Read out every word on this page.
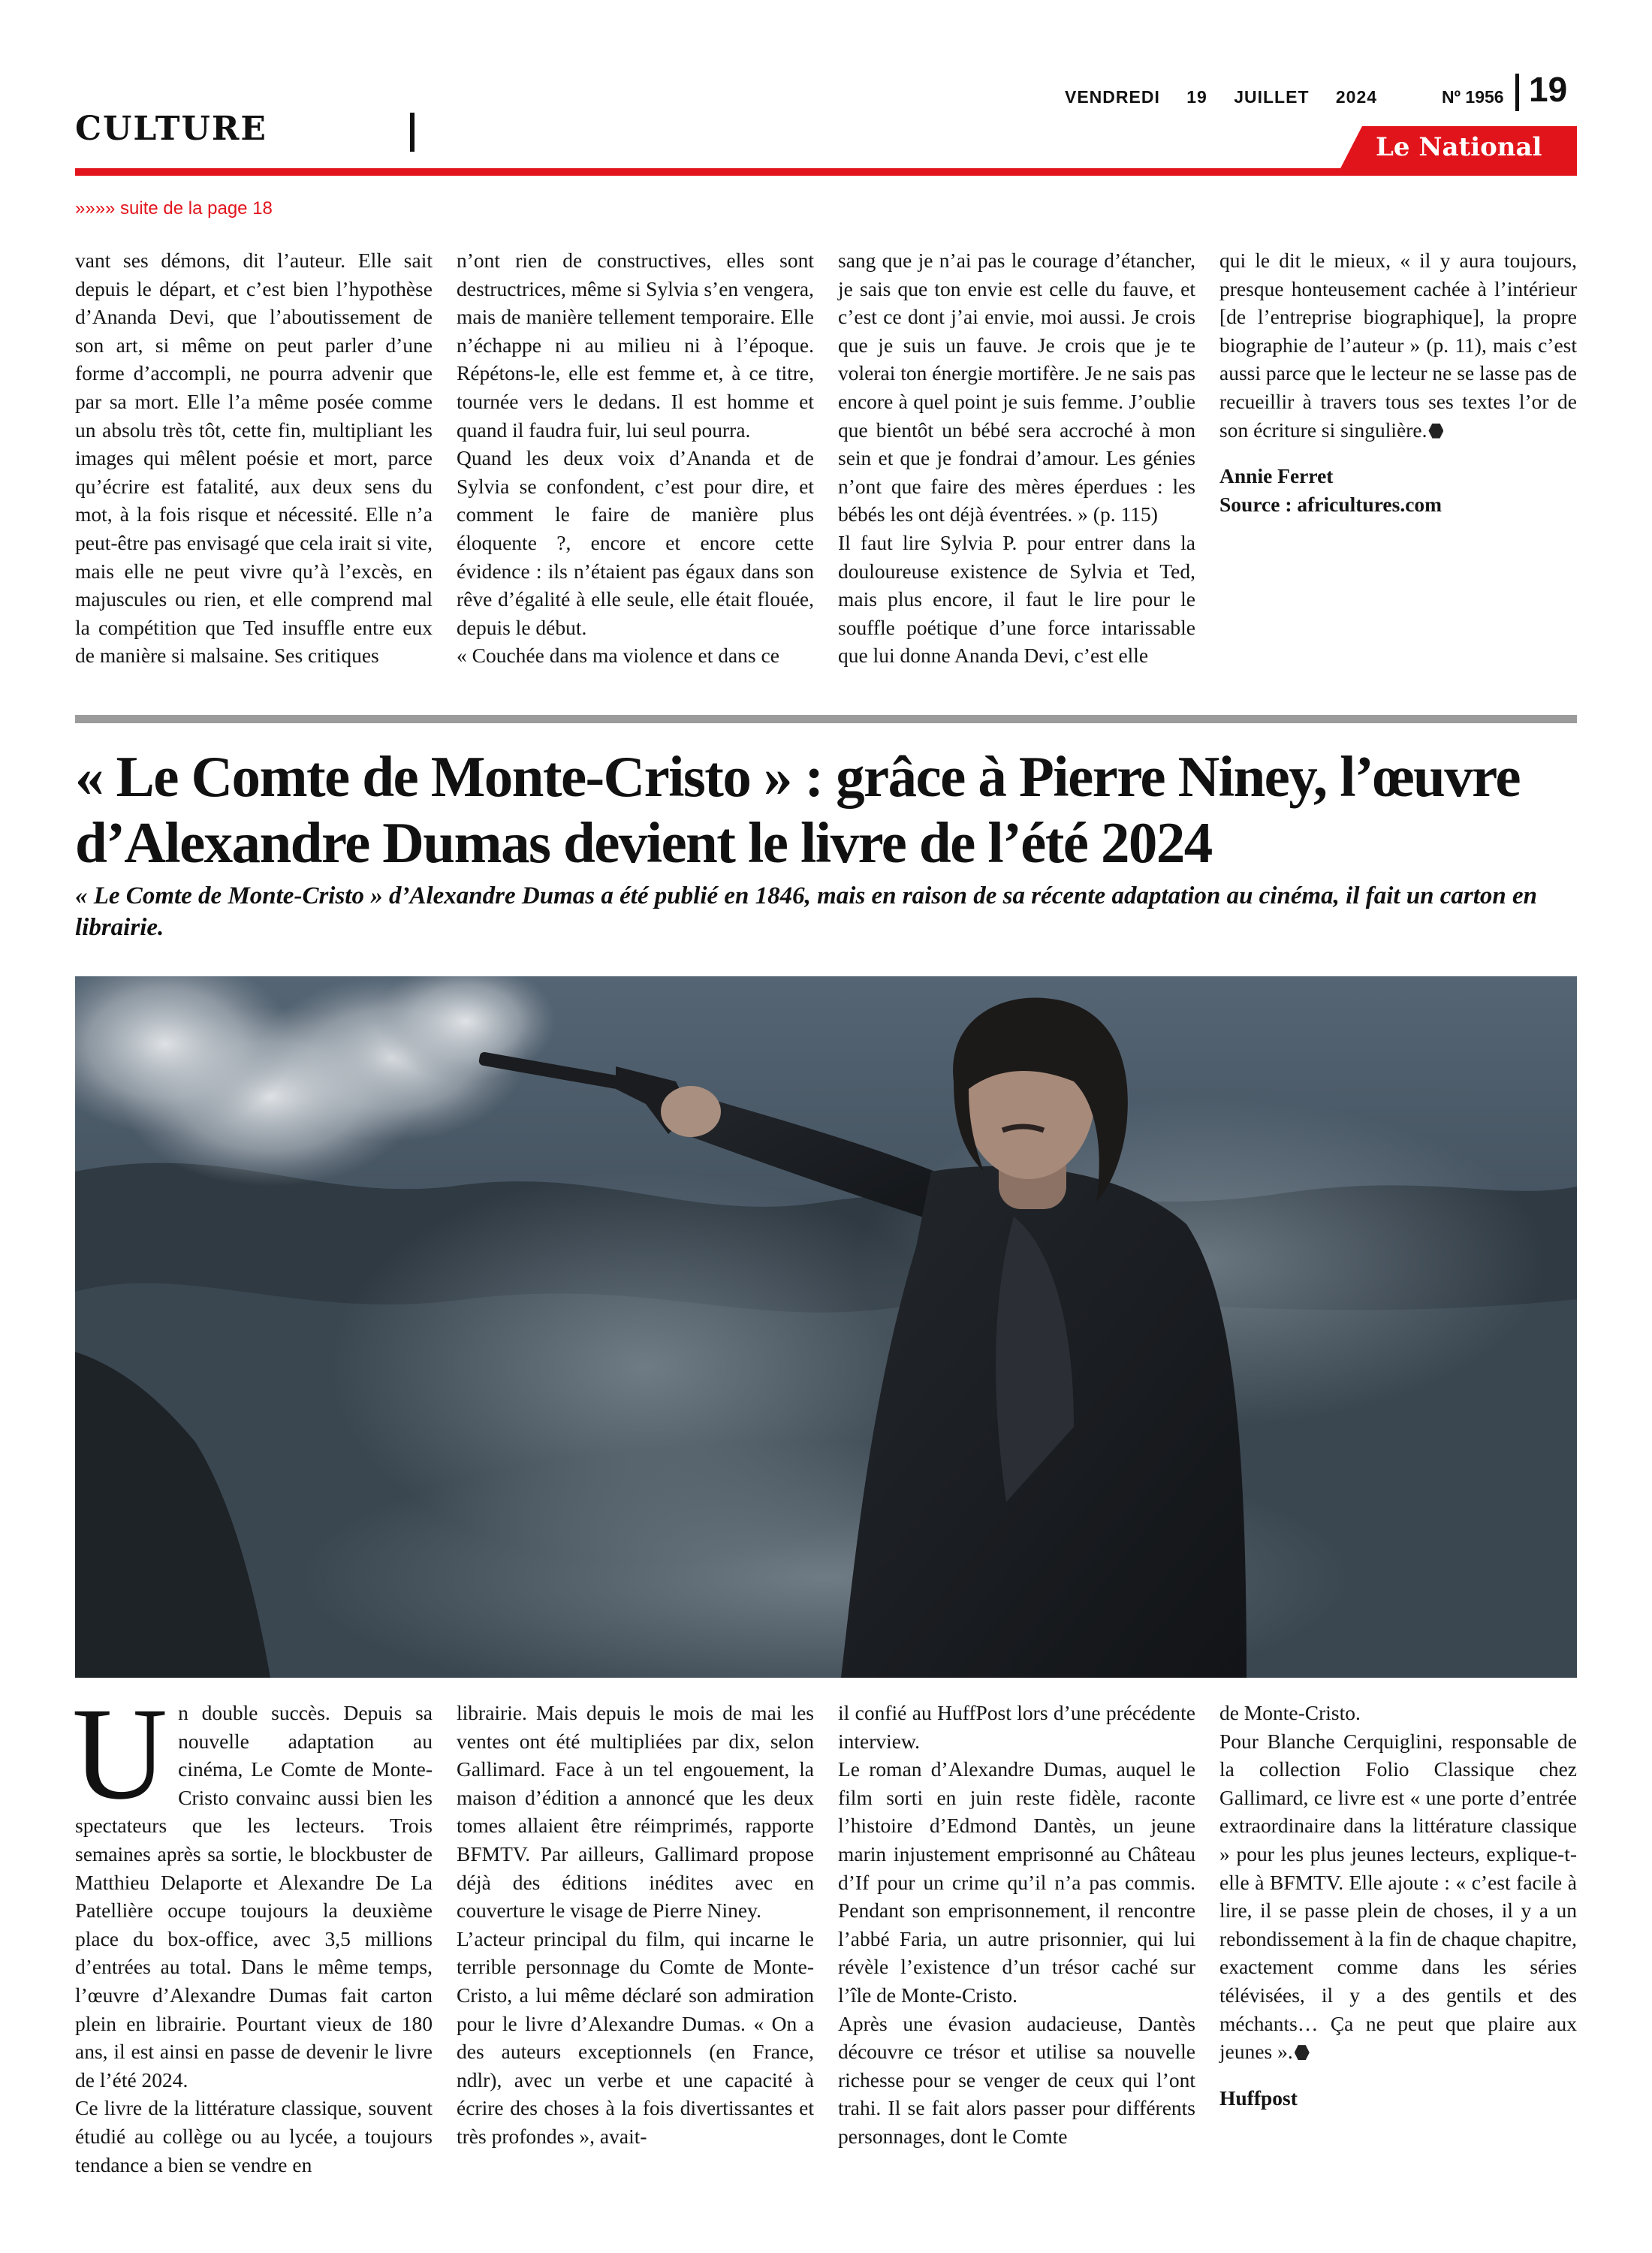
CULTURE
VENDREDI 19 JUILLET 2024	Nº 1956 19
Le National
»»»» suite de la page 18

vant ses démons, dit l’auteur. Elle sait depuis le départ, et c’est bien l’hypothèse d’Ananda Devi, que l’aboutissement de son art, si même on peut parler d’une forme d’accompli, ne pourra advenir que par sa mort. Elle l’a même posée comme un absolu très tôt, cette fin, multipliant les images qui mêlent poésie et mort, parce qu’écrire est fatalité, aux deux sens du mot, à la fois risque et nécessité. Elle n’a peut-être pas envisagé que cela irait si vite, mais elle ne peut vivre qu’à l’excès, en majuscules ou rien, et elle comprend mal la compétition que Ted insuffle entre eux de manière si malsaine. Ses critiques

n’ont rien de constructives, elles sont destructrices, même si Sylvia s’en vengera, mais de manière tellement temporaire. Elle n’échappe ni au milieu ni à l’époque. Répétons-le, elle est femme et, à ce titre, tournée vers le dedans. Il est homme et quand il faudra fuir, lui seul pourra.

Quand les deux voix d’Ananda et de Sylvia se confondent, c’est pour dire, et comment le faire de manière plus éloquente ?, encore et encore cette évidence : ils n’étaient pas égaux dans son rêve d’égalité à elle seule, elle était flouée, depuis le début.

« Couchée dans ma violence et dans ce

sang que je n’ai pas le courage d’étancher, je sais que ton envie est celle du fauve, et c’est ce dont j’ai envie, moi aussi. Je crois que je suis un fauve. Je crois que je te volerai ton énergie mortifère. Je ne sais pas encore à quel point je suis femme. J’oublie que bientôt un bébé sera accroché à mon sein et que je fondrai d’amour. Les génies n’ont que faire des mères éperdues : les bébés les ont déjà éventrées. » (p. 115)

Il faut lire Sylvia P. pour entrer dans la douloureuse existence de Sylvia et Ted, mais plus encore, il faut le lire pour le souffle poétique d’une force intarissable que lui donne Ananda Devi, c’est elle

qui le dit le mieux, « il y aura toujours, presque honteusement cachée à l’intérieur [de l’entreprise biographique], la propre biographie de l’auteur » (p. 11), mais c’est aussi parce que le lecteur ne se lasse pas de recueillir à travers tous ses textes l’or de son écriture si singulière.

Annie Ferret

Source : africultures.com

« Le Comte de Monte-Cristo » : grâce à Pierre Niney, l’œuvre d’Alexandre Dumas devient le livre de l’été 2024

« Le Comte de Monte-Cristo » d’Alexandre Dumas a été publié en 1846, mais en raison de sa récente adaptation au cinéma, il fait un carton en librairie.

Un double succès. Depuis sa nouvelle adaptation au cinéma, Le Comte de Monte-Cristo convainc aussi bien les spectateurs que les lecteurs. Trois semaines après sa sortie, le blockbuster de Matthieu Delaporte et Alexandre De La Patellière occupe toujours la deuxième place du box-office, avec 3,5 millions d’entrées au total. Dans le même temps, l’œuvre d’Alexandre Dumas fait carton plein en librairie. Pourtant vieux de 180 ans, il est ainsi en passe de devenir le livre de l’été 2024.

Ce livre de la littérature classique, souvent étudié au collège ou au lycée, a toujours tendance a bien se vendre en

librairie. Mais depuis le mois de mai les ventes ont été multipliées par dix, selon Gallimard. Face à un tel engouement, la maison d’édition a annoncé que les deux tomes allaient être réimprimés, rapporte BFMTV. Par ailleurs, Gallimard propose déjà des éditions inédites avec en couverture le visage de Pierre Niney.

L’acteur principal du film, qui incarne le terrible personnage du Comte de Monte-Cristo, a lui même déclaré son admiration pour le livre d’Alexandre Dumas. « On a des auteurs exceptionnels (en France, ndlr), avec un verbe et une capacité à écrire des choses à la fois divertissantes et très profondes », avait-

il confié au HuffPost lors d’une précédente interview.

Le roman d’Alexandre Dumas, auquel le film sorti en juin reste fidèle, raconte l’histoire d’Edmond Dantès, un jeune marin injustement emprisonné au Château d’If pour un crime qu’il n’a pas commis. Pendant son emprisonnement, il rencontre l’abbé Faria, un autre prisonnier, qui lui révèle l’existence d’un trésor caché sur l’île de Monte-Cristo.

Après une évasion audacieuse, Dantès découvre ce trésor et utilise sa nouvelle richesse pour se venger de ceux qui l’ont trahi. Il se fait alors passer pour différents personnages, dont le Comte

de Monte-Cristo.

Pour Blanche Cerquiglini, responsable de la collection Folio Classique chez Gallimard, ce livre est « une porte d’entrée extraordinaire dans la littérature classique » pour les plus jeunes lecteurs, explique-t-elle à BFMTV. Elle ajoute : « c’est facile à lire, il se passe plein de choses, il y a un rebondissement à la fin de chaque chapitre, exactement comme dans les séries télévisées, il y a des gentils et des méchants… Ça ne peut que plaire aux jeunes ».

Huffpost
